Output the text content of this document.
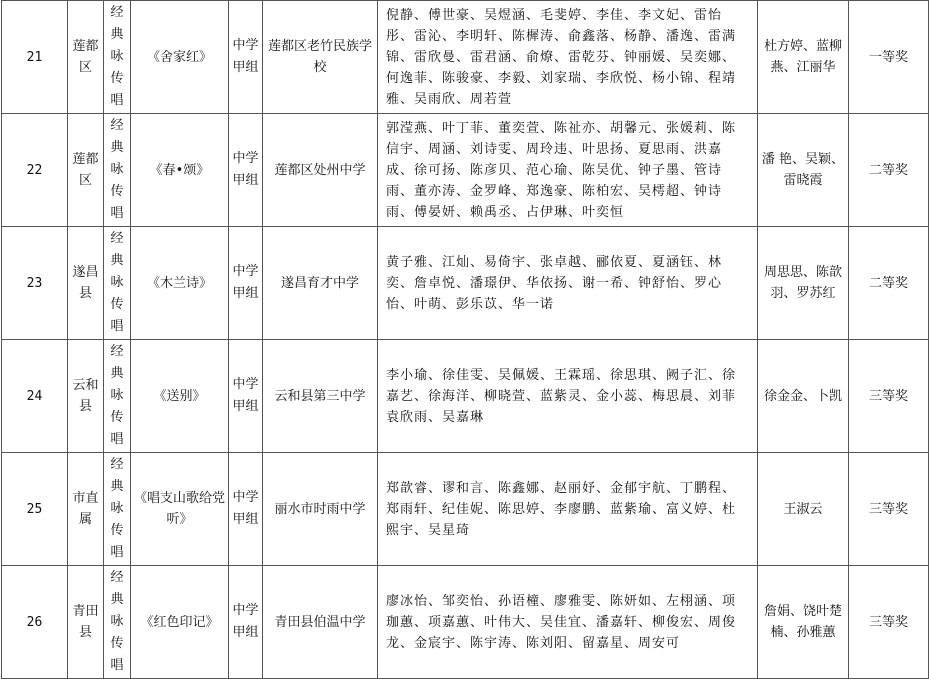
21	莲都区	经典咏传唱	《舍家红》	中学甲组	莲都区老竹民族学校	倪静、傅世豪、吴煜涵、毛斐婷、李佳、李文妃、雷怡彤、雷沁、李明轩、陈樨涛、俞鑫落、杨静、潘逸、雷满锦、雷欣曼、雷君涵、俞燎、雷乾芬、钟丽媛、吴奕娜、何逸菲、陈骏豪、李毅、刘家瑞、李欣悦、杨小锦、程靖雅、吴雨欣、周若萱	杜方婷、蓝柳燕、江丽华	一等奖
22	莲都区	经典咏传唱	《春•颂》	中学甲组	莲都区处州中学	郭滢燕、叶丁菲、董奕萱、陈祉亦、胡馨元、张媛莉、陈信宇、周涵、刘诗雯、周玲违、叶思扬、夏思雨、洪嘉成、徐可扬、陈彦贝、范心瑜、陈吴优、钟子墨、管诗雨、董亦涛、金罗峰、郑逸豪、陈柏宏、吴樗超、钟诗雨、傅晏妍、赖禹丞、占伊琳、叶奕恒	潘 艳、吴颖、雷晓霞	二等奖
23	遂昌县	经典咏传唱	《木兰诗》	中学甲组	遂昌育才中学	黄子雅、江灿、易倚宇、张卓越、郦依夏、夏涵钰、林奕、詹卓悦、潘璟伊、华依扬、谢一希、钟舒怡、罗心怡、叶萌、彭乐苡、华一诺	周思思、陈歆羽、罗苏红	二等奖
24	云和县	经典咏传唱	《送别》	中学甲组	云和县第三中学	李小瑜、徐佳雯、吴佩媛、王霖瑶、徐思琪、阙子汇、徐嘉艺、徐海洋、柳晓萱、蓝紫灵、金小蕊、梅思晨、刘菲袁欣雨、吴嘉琳	徐金金、卜凯	三等奖
25	市直属	经典咏传唱	《唱支山歌给党听》	中学甲组	丽水市时雨中学	郑歆睿、谬和言、陈鑫娜、赵丽妤、金郁宇航、丁鹏程、郑雨轩、纪佳妮、陈思婷、李廖鹏、蓝紫瑜、富义婷、杜熙宇、吴星琦	王淑云	三等奖
26	青田县	经典咏传唱	《红色印记》	中学甲组	青田县伯温中学	廖冰怡、邹奕怡、孙语橦、廖雅雯、陈妍如、左栩涵、项珈蕙、项嘉蕙、叶伟大、吴佳宜、潘嘉轩、柳俊宏、周俊龙、金宸宇、陈宇涛、陈刘阳、留嘉星、周安可	詹娟、饶叶楚楠、孙雅蕙	三等奖
